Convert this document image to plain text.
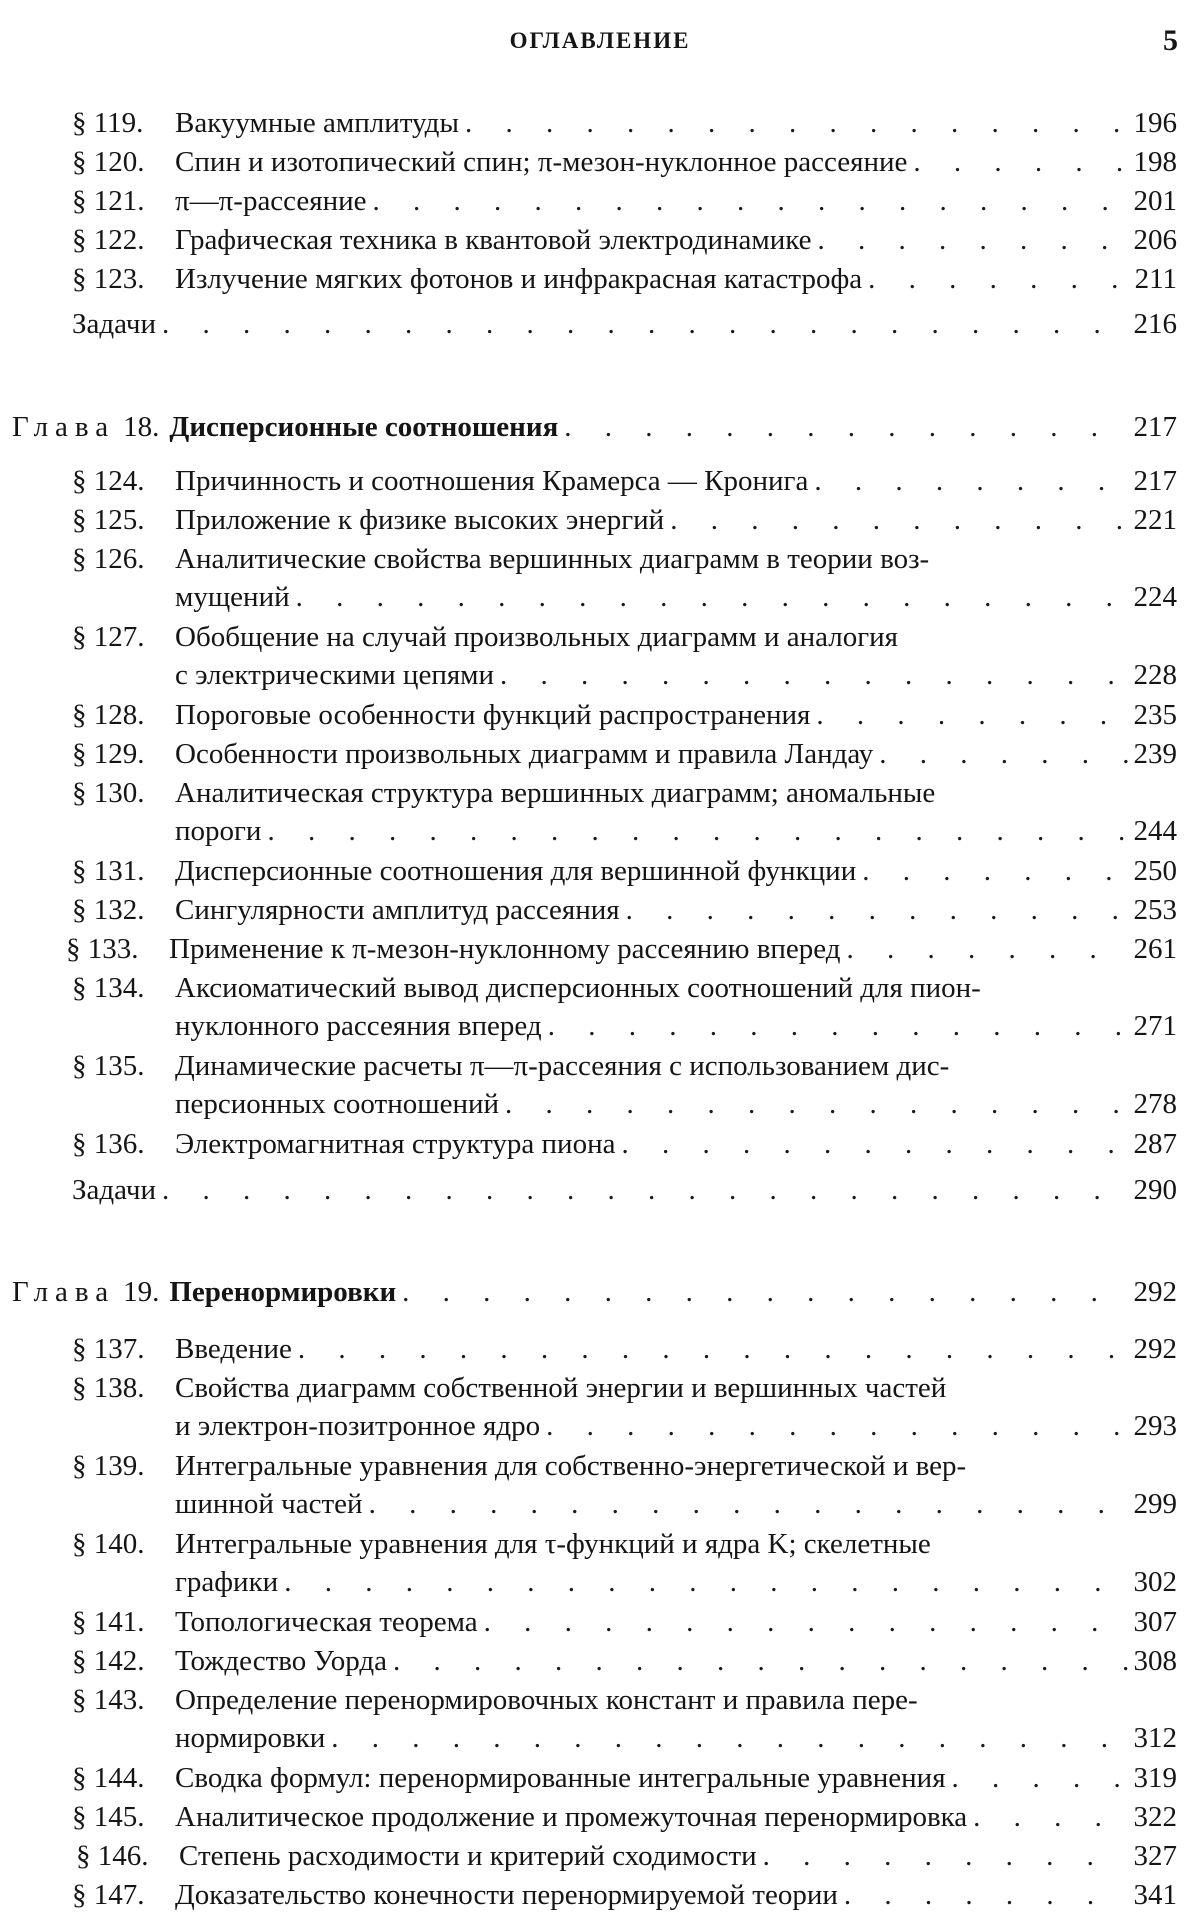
ОГЛАВЛЕНИЕ	5
§ 119.	Вакуумные амплитуды . . .	196
§ 120.	Спин и изотопический спин; π-мезон-нуклонное рассеяние . . .	198
§ 121.	π—π-рассеяние . . .	201
§ 122.	Графическая техника в квантовой электродинамике . . .	206
§ 123.	Излучение мягких фотонов и инфракрасная катастрофа . . .	211
Задачи . . .	216
Глава 18. Дисперсионные соотношения . . .	217
§ 124.	Причинность и соотношения Крамерса — Кронига . . .	217
§ 125.	Приложение к физике высоких энергий . . .	221
§ 126.	Аналитические свойства вершинных диаграмм в теории воз-
мущений . . .	224
§ 127.	Обобщение на случай произвольных диаграмм и аналогия
с электрическими цепями . . .	228
§ 128.	Пороговые особенности функций распространения . . .	235
§ 129.	Особенности произвольных диаграмм и правила Ландау . . .	239
§ 130.	Аналитическая структура вершинных диаграмм; аномальные
пороги . . .	244
§ 131.	Дисперсионные соотношения для вершинной функции . . .	250
§ 132.	Сингулярности амплитуд рассеяния . . .	253
§ 133.	Применение к π-мезон-нуклонному рассеянию вперед . . .	261
§ 134.	Аксиоматический вывод дисперсионных соотношений для пион-
нуклонного рассеяния вперед . . .	271
§ 135.	Динамические расчеты π—π-рассеяния с использованием дис-
персионных соотношений . . .	278
§ 136.	Электромагнитная структура пиона . . .	287
Задачи . . .	290
Глава 19. Перенормировки . . .	292
§ 137.	Введение . . .	292
§ 138.	Свойства диаграмм собственной энергии и вершинных частей
и электрон-позитронное ядро . . .	293
§ 139.	Интегральные уравнения для собственно-энергетической и вер-
шинной частей . . .	299
§ 140.	Интегральные уравнения для τ-функций и ядра K; скелетные
графики . . .	302
§ 141.	Топологическая теорема . . .	307
§ 142.	Тождество Уорда . . .	308
§ 143.	Определение перенормировочных констант и правила пере-
нормировки . . .	312
§ 144.	Сводка формул: перенормированные интегральные уравнения . . .	319
§ 145.	Аналитическое продолжение и промежуточная перенормировка . . .	322
§ 146.	Степень расходимости и критерий сходимости . . .	327
§ 147.	Доказательство конечности перенормируемой теории . . .	341
